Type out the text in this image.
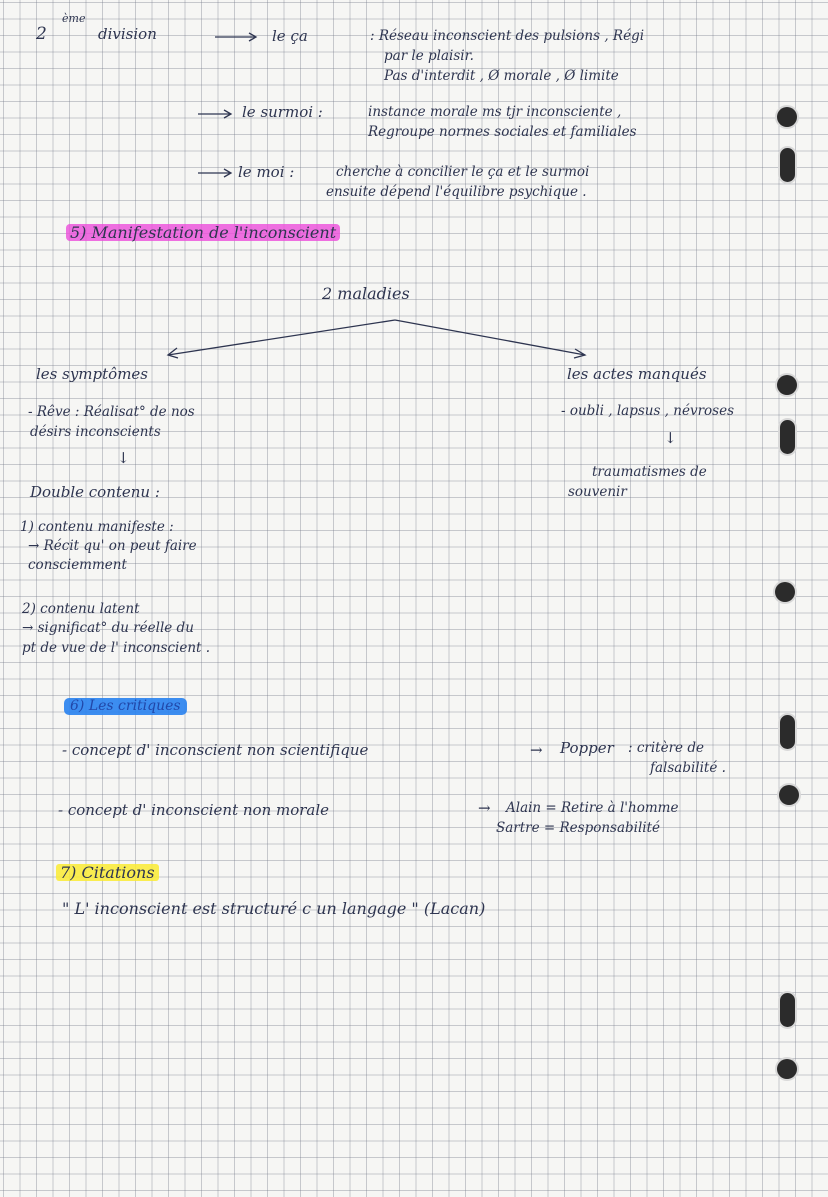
2
ème
division	le ça	: Réseau inconscient des pulsions , Régi
par le plaisir.
Pas d'interdit , Ø morale , Ø limite
le surmoi :	instance morale ms tjr inconsciente ,
Regroupe normes sociales et familiales
le moi :	cherche à concilier le ça et le surmoi
ensuite dépend l'équilibre psychique .
5) Manifestation de l'inconscient
2 maladies
les symptômes	les actes manqués
- Rêve : Réalisat° de nos
désirs inconscients
↓
Double contenu :
1) contenu manifeste :
→ Récit qu' on peut faire
consciemment
2) contenu latent
→ significat° du réelle du
pt de vue de l' inconscient .
- oubli , lapsus , névroses
↓
traumatismes de
souvenir
6) Les critiques
- concept d' inconscient non scientifique	→ Popper : critère de
falsabilité .
- concept d' inconscient non morale	→ Alain = Retire à l'homme
Sartre = Responsabilité
7) Citations
" L' inconscient est structuré c un langage " (Lacan)
